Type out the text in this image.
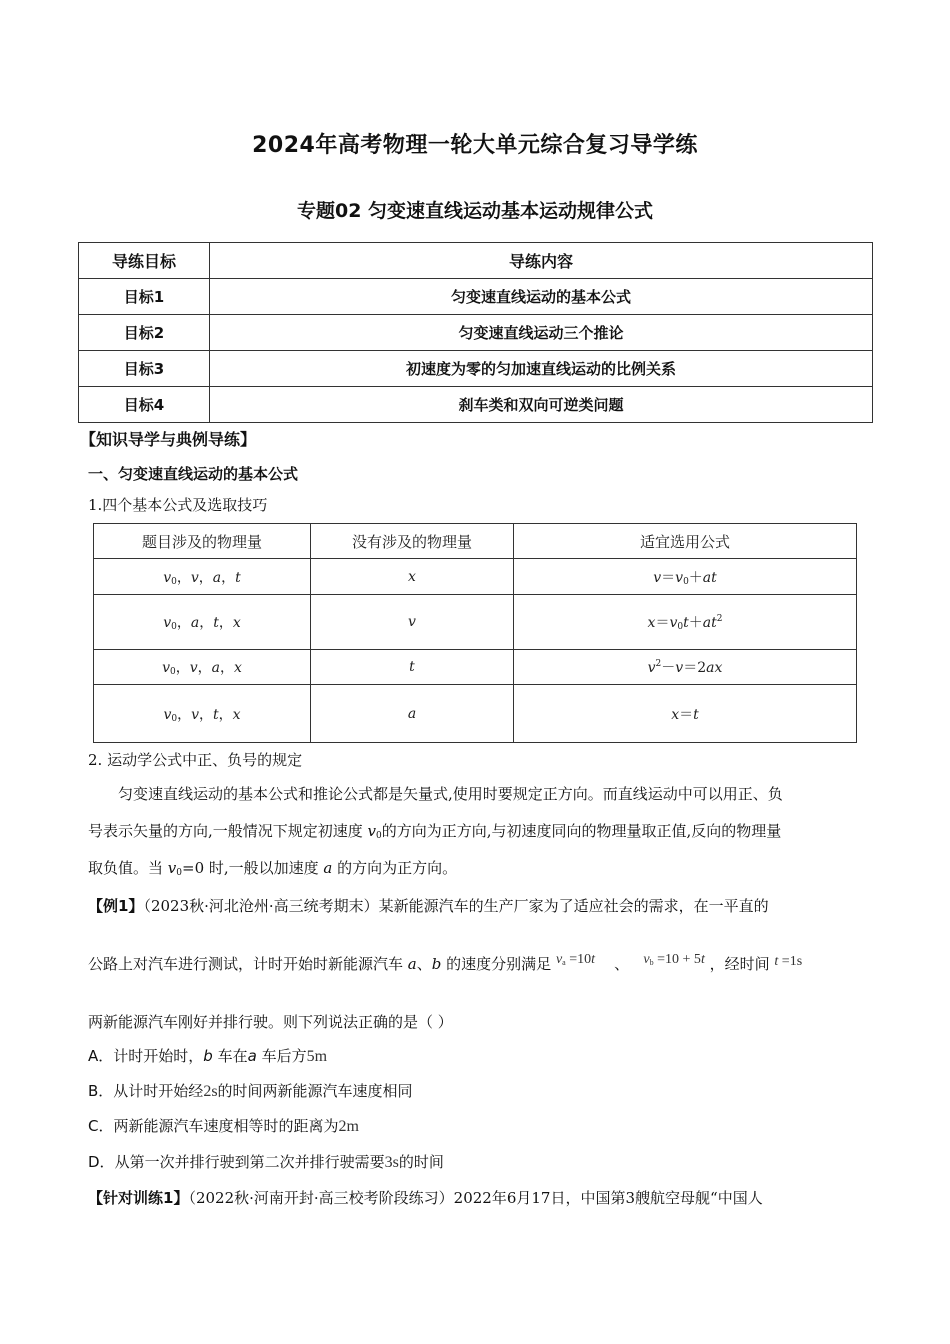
2024年高考物理一轮大单元综合复习导学练
专题02 匀变速直线运动基本运动规律公式
导练目标	导练内容
目标1	匀变速直线运动的基本公式
目标2	匀变速直线运动三个推论
目标3	初速度为零的匀加速直线运动的比例关系
目标4	刹车类和双向可逆类问题
【知识导学与典例导练】
一、匀变速直线运动的基本公式
1.四个基本公式及选取技巧
题目涉及的物理量	没有涉及的物理量	适宜选用公式
$v_0$，v，a，t	x	$v=v_0+at$
$v_0$，a，t，x	v	$x=v_0t+at^2$
$v_0$，v，a，x	t	$v^2-v=2ax$
$v_0$，v，t，x	a	x＝t
2. 运动学公式中正、负号的规定
匀变速直线运动的基本公式和推论公式都是矢量式,使用时要规定正方向。而直线运动中可以用正、负
号表示矢量的方向,一般情况下规定初速度 $v_0$的方向为正方向,与初速度同向的物理量取正值,反向的物理量
取负值。当 $v_0=0$ 时,一般以加速度 a 的方向为正方向。
【例1】（2023秋·河北沧州·高三统考期末）某新能源汽车的生产厂家为了适应社会的需求，在一平直的
公路上对汽车进行测试，计时开始时新能源汽车 a、b 的速度分别满足 $v_a =10t$    、   $v_b =10 + 5t$ ，经时间 t =1s
两新能源汽车刚好并排行驶。则下列说法正确的是（ ）
A．计时开始时，b 车在a 车后方5m
B．从计时开始经2s的时间两新能源汽车速度相同
C．两新能源汽车速度相等时的距离为2m
D．从第一次并排行驶到第二次并排行驶需要3s的时间
【针对训练1】（2022秋·河南开封·高三校考阶段练习）2022年6月17日，中国第3艘航空母舰“中国人
